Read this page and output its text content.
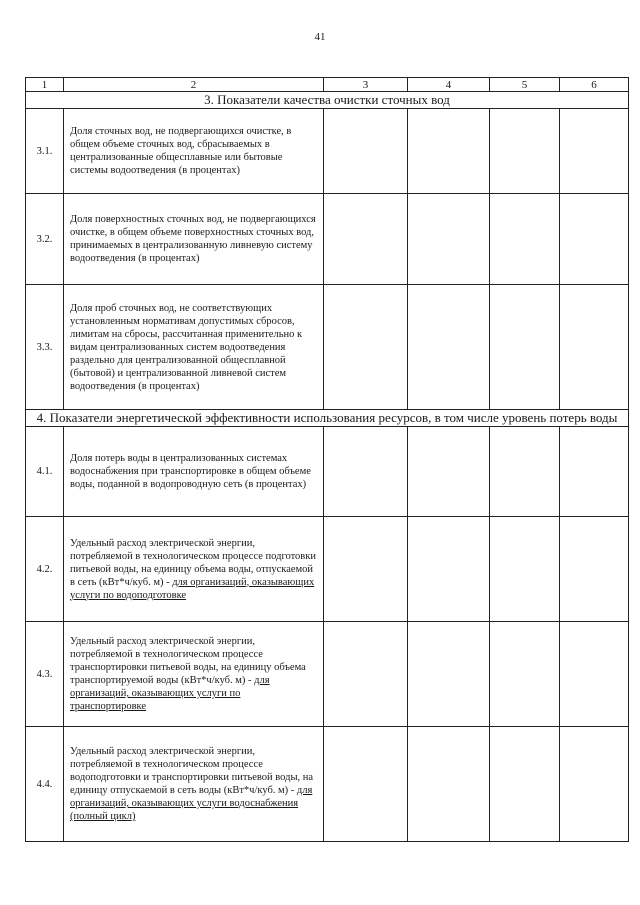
41
1	2	3	4	5	6
3. Показатели качества очистки сточных вод					
3.1.	Доля сточных вод, не подвергающихся очистке, в общем объеме сточных вод, сбрасываемых в централизованные общесплавные или бытовые системы водоотведения (в процентах)				
3.2.	Доля поверхностных сточных вод, не подвергающихся очистке, в общем объеме поверхностных сточных вод, принимаемых в централизованную ливневую систему водоотведения (в процентах)				
3.3.	Доля проб сточных вод, не соответствующих установленным нормативам допустимых сбросов, лимитам на сбросы, рассчитанная применительно к видам централизованных систем водоотведения раздельно для централизованной общесплавной (бытовой) и централизованной ливневой систем водоотведения (в процентах)				
4. Показатели энергетической эффективности использования ресурсов, в том числе уровень потерь воды					
4.1.	Доля потерь воды в централизованных системах водоснабжения при транспортировке в общем объеме воды, поданной в водопроводную сеть (в процентах)				
4.2.	Удельный расход электрической энергии, потребляемой в технологическом процессе подготовки питьевой воды, на единицу объема воды, отпускаемой в сеть (кВт*ч/куб. м) - для организаций, оказывающих услуги по водоподготовке				
4.3.	Удельный расход электрической энергии, потребляемой в технологическом процессе транспортировки питьевой воды, на единицу объема транспортируемой воды (кВт*ч/куб. м) - для организаций, оказывающих услуги по транспортировке				
4.4.	Удельный расход электрической энергии, потребляемой в технологическом процессе водоподготовки и транспортировки питьевой воды, на единицу отпускаемой в сеть воды (кВт*ч/куб. м) - для организаций, оказывающих услуги водоснабжения (полный цикл)				
